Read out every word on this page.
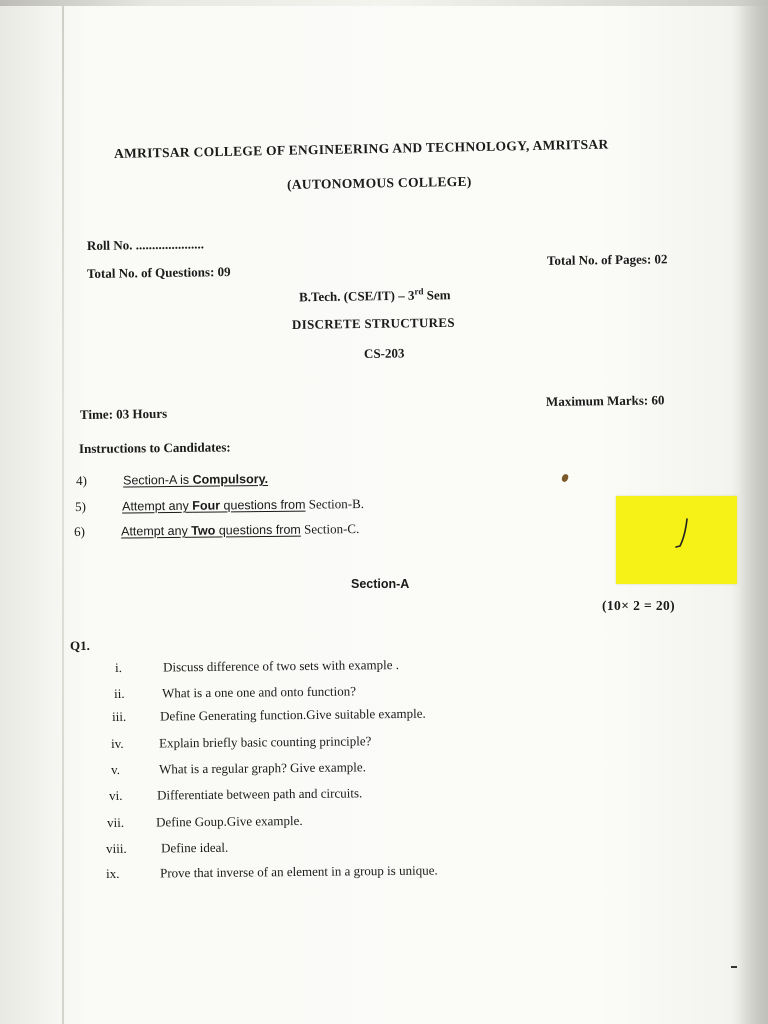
AMRITSAR COLLEGE OF ENGINEERING AND TECHNOLOGY, AMRITSAR
(AUTONOMOUS COLLEGE)
Roll No. .....................
Total No. of Questions: 09
Total No. of Pages: 02
B.Tech. (CSE/IT) – 3rd Sem
DISCRETE STRUCTURES
CS-203
Time: 03 Hours
Maximum Marks: 60
Instructions to Candidates:
4)	Section-A is Compulsory.
5)	Attempt any Four questions from Section-B.
6)	Attempt any Two questions from Section-C.
Section-A
(10× 2 = 20)
Q1.
i.	Discuss difference of two sets with example .
ii.	What is a one one and onto function?
iii.	Define Generating function.Give suitable example.
iv.	Explain briefly basic counting principle?
v.	What is a regular graph? Give example.
vi.	Differentiate between path and circuits.
vii. Define Goup.Give example.
viii.	Define ideal.
ix.	Prove that inverse of an element in a group is unique.
